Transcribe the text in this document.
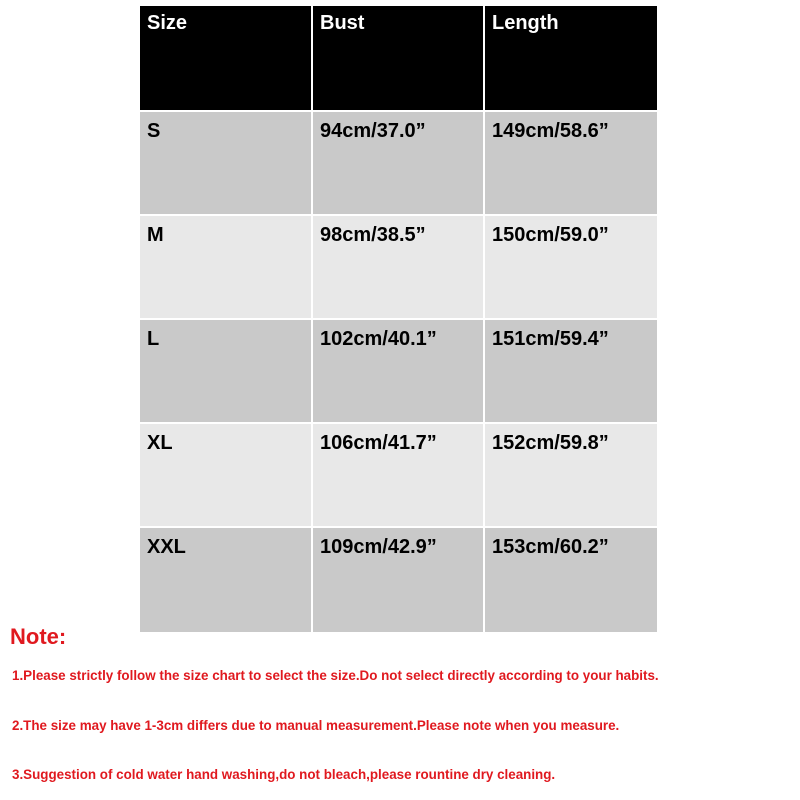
Size	Bust	Length
S	94cm/37.0”	149cm/58.6”
M	98cm/38.5”	150cm/59.0”
L	102cm/40.1”	151cm/59.4”
XL	106cm/41.7”	152cm/59.8”
XXL	109cm/42.9”	153cm/60.2”

Note:

1.Please strictly follow the size chart to select the size.Do not select directly according to your habits.

2.The size may have 1-3cm differs due to manual measurement.Please note when you measure.

3.Suggestion of cold water hand washing,do not bleach,please rountine dry cleaning.
